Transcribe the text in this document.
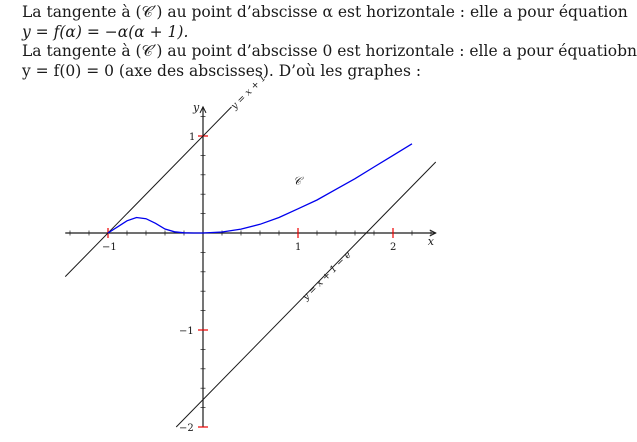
La tangente à (𝒞′) au point d’abscisse α est horizontale : elle a pour équation
y = f(α) = −α(α + 1).
La tangente à (𝒞′) au point d’abscisse 0 est horizontale : elle a pour équatiobn
y = f(0) = 0 (axe des abscisses). D’où les graphes :
x
y
−1	1	2
1
−1
−2
y = x + 1
y = x + 1 − e
𝒞
